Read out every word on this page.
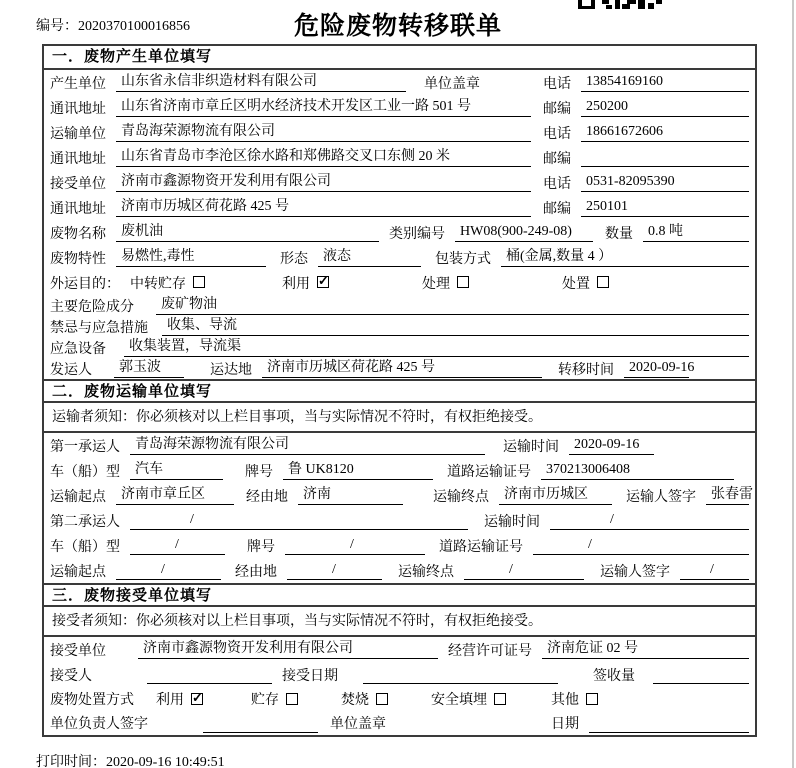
编号：2020370100016856	危险废物转移联单
一．废物产生单位填写
产生单位	山东省永信非织造材料有限公司	单位盖章	电话	13854169160
通讯地址	山东省济南市章丘区明水经济技术开发区工业一路 501 号	邮编	250200
运输单位	青岛海荣源物流有限公司	电话	18661672606
通讯地址	山东省青岛市李沧区徐水路和郑佛路交叉口东侧 20 米	邮编
接受单位	济南市鑫源物资开发利用有限公司	电话	0531-82095390
通讯地址	济南市历城区荷花路 425 号	邮编	250101
废物名称	废机油	类别编号	HW08(900-249-08)	数量	0.8 吨
废物特性	易燃性,毒性	形态	液态	包装方式	桶(金属,数量 4 ）
外运目的： 中转贮存	利用 ✓	处理	处置
主要危险成分	废矿物油
禁忌与应急措施	收集、导流
应急设备	收集装置，导流渠
发运人	郭玉波	运达地	济南市历城区荷花路 425 号	转移时间	2020-09-16
二．废物运输单位填写
运输者须知：你必须核对以上栏目事项，当与实际情况不符时，有权拒绝接受。
第一承运人	青岛海荣源物流有限公司	运输时间	2020-09-16
车（船）型	汽车	牌号	鲁 UK8120	道路运输证号	370213006408
运输起点	济南市章丘区	经由地	济南	运输终点	济南市历城区	运输人签字	张春雷
第二承运人	/	运输时间	/
车（船）型	/	牌号	/	道路运输证号	/
运输起点	/	经由地	/	运输终点	/	运输人签字	/
三．废物接受单位填写
接受者须知：你必须核对以上栏目事项，当与实际情况不符时，有权拒绝接受。
接受单位	济南市鑫源物资开发利用有限公司	经营许可证号	济南危证 02 号
接受人	接受日期	签收量
废物处置方式 利用 ✓	贮存	焚烧	安全填埋	其他
单位负责人签字	单位盖章	日期
打印时间：2020-09-16 10:49:51
